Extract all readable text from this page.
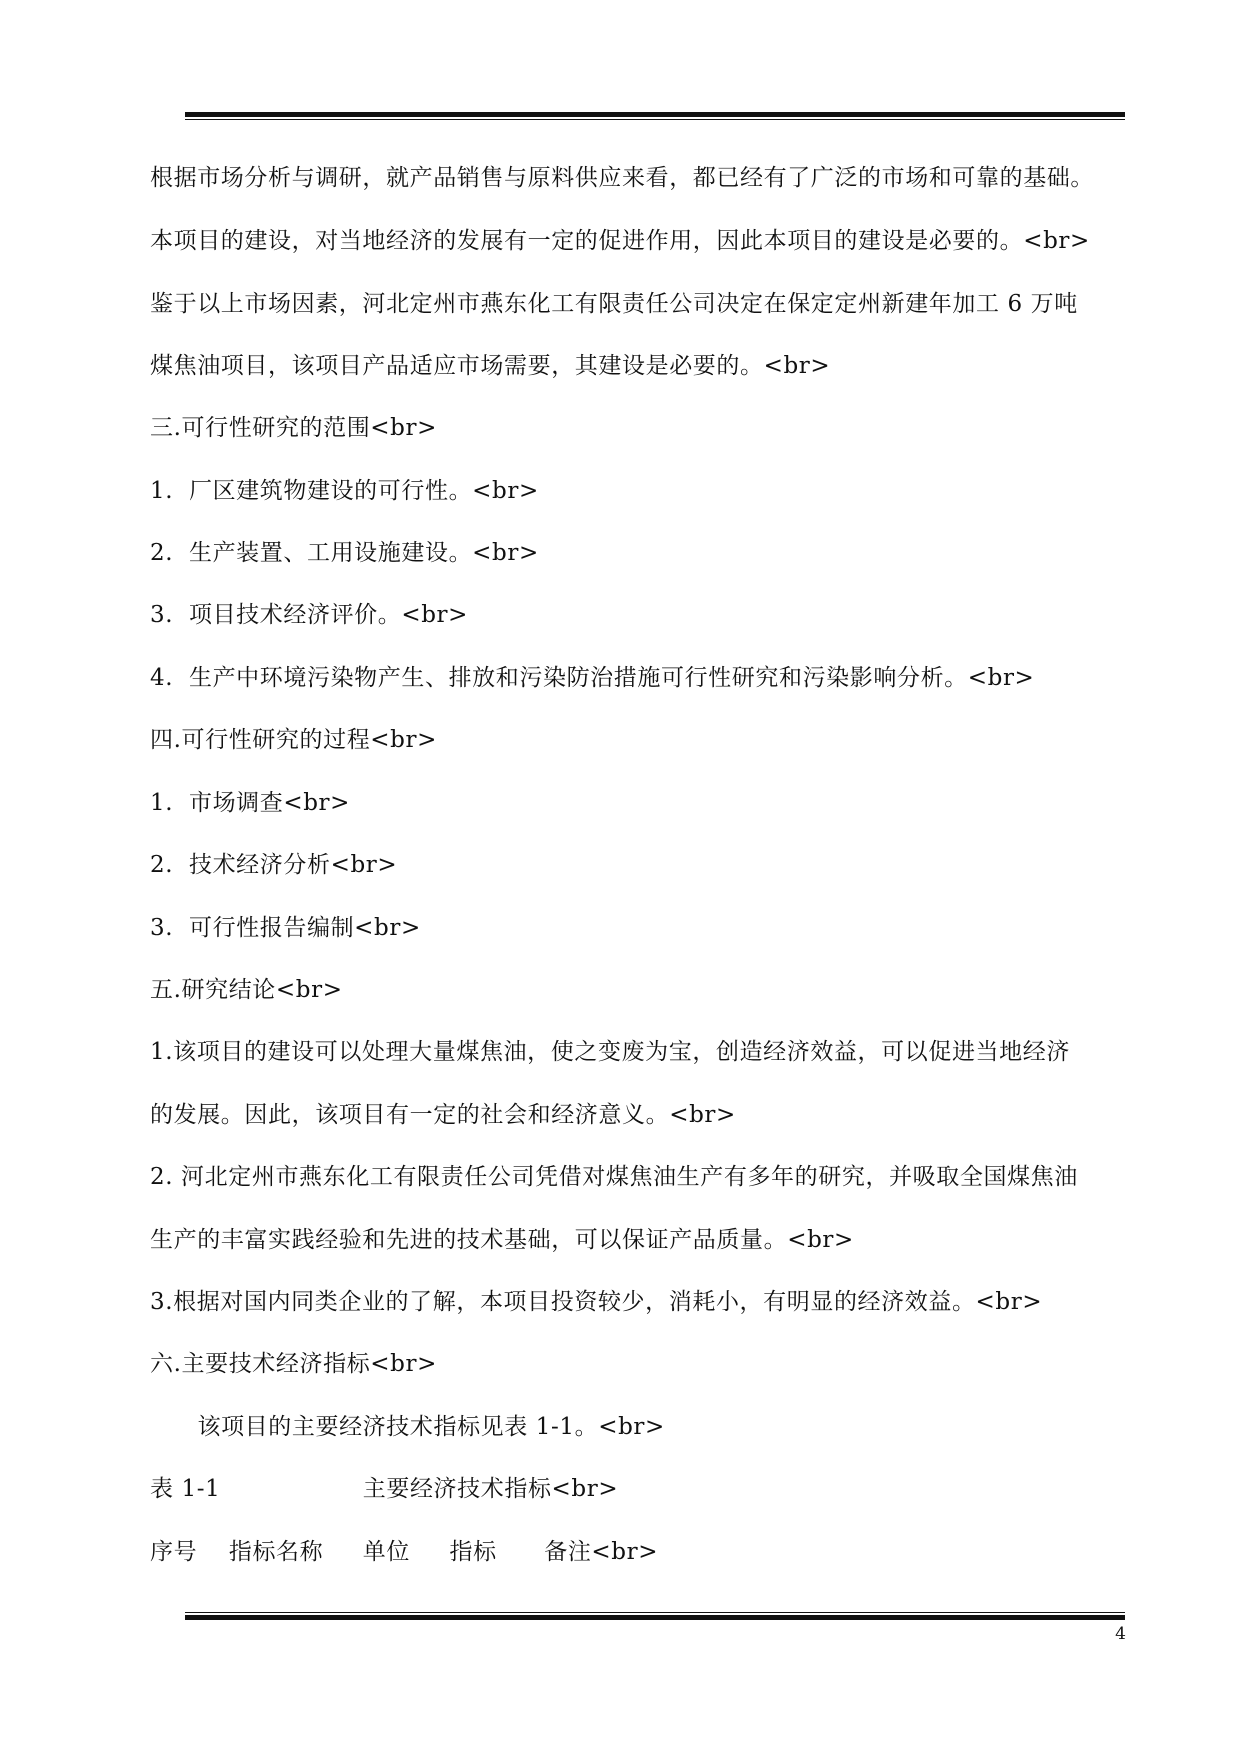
根据市场分析与调研，就产品销售与原料供应来看，都已经有了广泛的市场和可靠的基础。
本项目的建设，对当地经济的发展有一定的促进作用，因此本项目的建设是必要的。<br>
鉴于以上市场因素，河北定州市燕东化工有限责任公司决定在保定定州新建年加工 6 万吨
煤焦油项目，该项目产品适应市场需要，其建设是必要的。<br>
三.可行性研究的范围<br>
1.  厂区建筑物建设的可行性。<br>
2.  生产装置、工用设施建设。<br>
3.  项目技术经济评价。<br>
4.  生产中环境污染物产生、排放和污染防治措施可行性研究和污染影响分析。<br>
四.可行性研究的过程<br>
1.  市场调查<br>
2.  技术经济分析<br>
3.  可行性报告编制<br>
五.研究结论<br>
1.该项目的建设可以处理大量煤焦油，使之变废为宝，创造经济效益，可以促进当地经济
的发展。因此，该项目有一定的社会和经济意义。<br>
2. 河北定州市燕东化工有限责任公司凭借对煤焦油生产有多年的研究，并吸取全国煤焦油
生产的丰富实践经验和先进的技术基础，可以保证产品质量。<br>
3.根据对国内同类企业的了解，本项目投资较少，消耗小，有明显的经济效益。<br>
六.主要技术经济指标<br>
该项目的主要经济技术指标见表 1-1。<br>
表 1-1                  主要经济技术指标<br>
序号    指标名称     单位     指标      备注<br>
4
